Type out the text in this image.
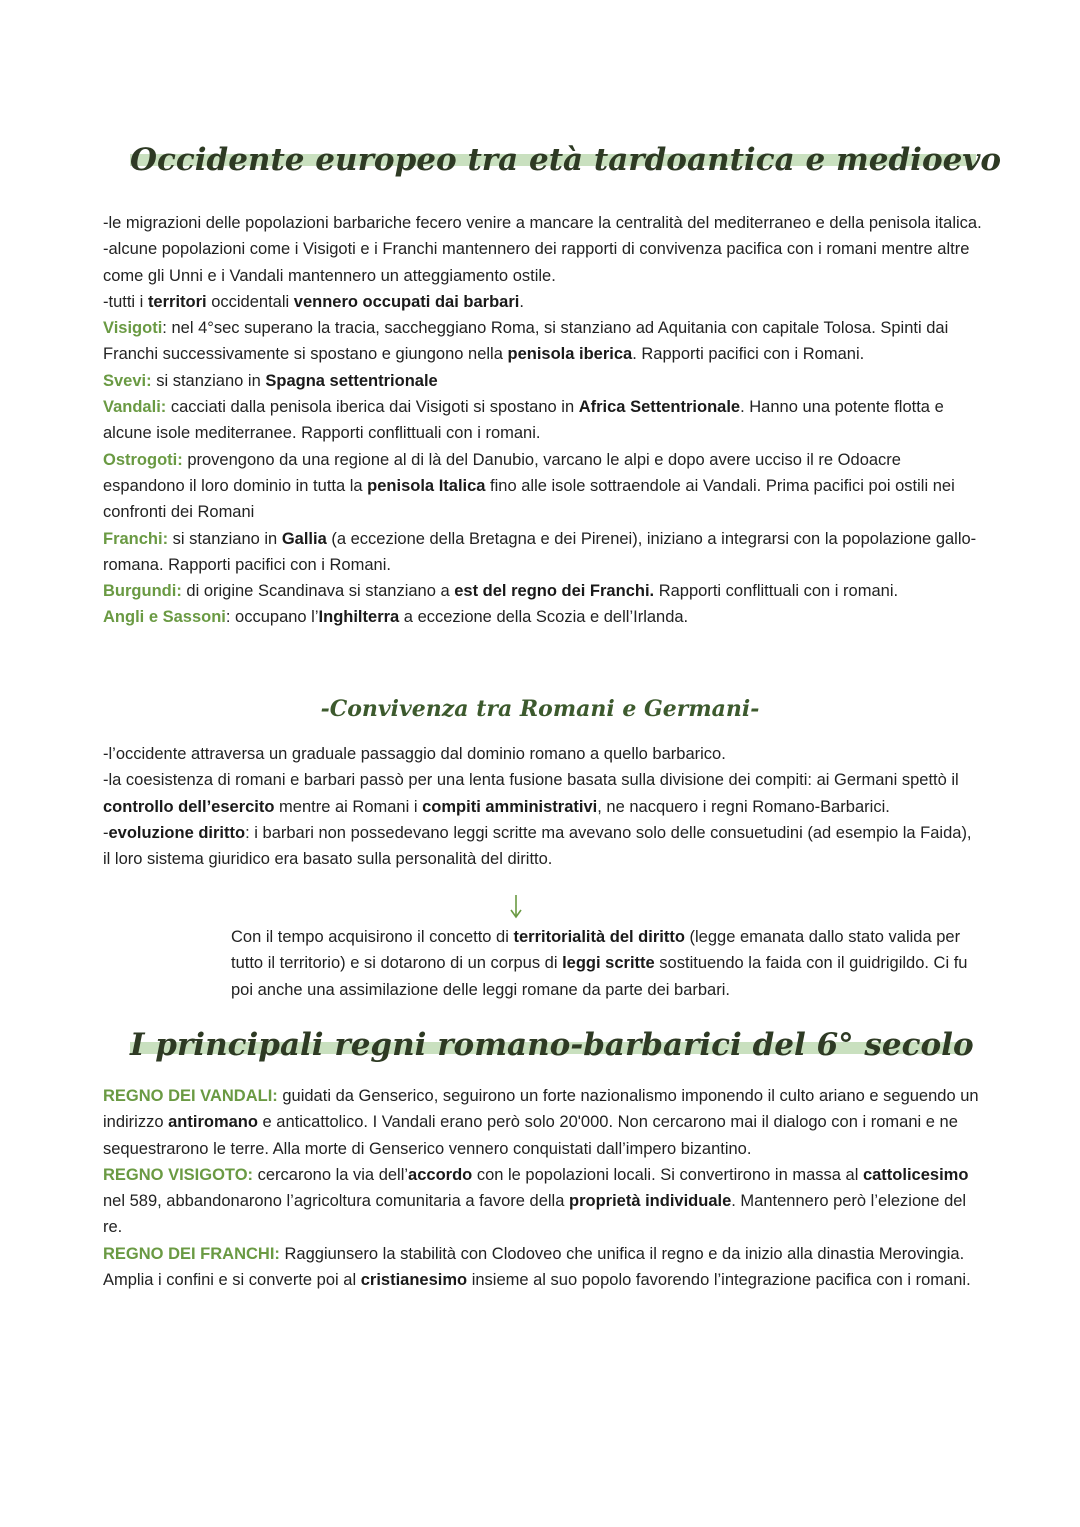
Occidente europeo tra età tardoantica e medioevo

-le migrazioni delle popolazioni barbariche fecero venire a mancare la centralità del mediterraneo e della penisola italica.

-alcune popolazioni come i Visigoti e i Franchi mantennero dei rapporti di convivenza pacifica con i romani mentre altre come gli Unni e i Vandali mantennero un atteggiamento ostile.

-tutti i territori occidentali vennero occupati dai barbari.

Visigoti: nel 4°sec superano la tracia, saccheggiano Roma, si stanziano ad Aquitania con capitale Tolosa. Spinti dai Franchi successivamente si spostano e giungono nella penisola iberica. Rapporti pacifici con i Romani.

Svevi: si stanziano in Spagna settentrionale

Vandali: cacciati dalla penisola iberica dai Visigoti si spostano in Africa Settentrionale. Hanno una potente flotta e alcune isole mediterranee. Rapporti conflittuali con i romani.

Ostrogoti: provengono da una regione al di là del Danubio, varcano le alpi e dopo avere ucciso il re Odoacre espandono il loro dominio in tutta la penisola Italica fino alle isole sottraendole ai Vandali. Prima pacifici poi ostili nei confronti dei Romani

Franchi: si stanziano in Gallia (a eccezione della Bretagna e dei Pirenei), iniziano a integrarsi con la popolazione gallo-romana. Rapporti pacifici con i Romani.

Burgundi: di origine Scandinava si stanziano a est del regno dei Franchi. Rapporti conflittuali con i romani.

Angli e Sassoni: occupano l’Inghilterra a eccezione della Scozia e dell’Irlanda.

-Convivenza tra Romani e Germani-

-l’occidente attraversa un graduale passaggio dal dominio romano a quello barbarico.

-la coesistenza di romani e barbari passò per una lenta fusione basata sulla divisione dei compiti: ai Germani spettò il controllo dell’esercito mentre ai Romani i compiti amministrativi, ne nacquero i regni Romano-Barbarici.

-evoluzione diritto: i barbari non possedevano leggi scritte ma avevano solo delle consuetudini (ad esempio la Faida), il loro sistema giuridico era basato sulla personalità del diritto.

Con il tempo acquisirono il concetto di territorialità del diritto (legge emanata dallo stato valida per tutto il territorio) e si dotarono di un corpus di leggi scritte sostituendo la faida con il guidrigildo. Ci fu poi anche una assimilazione delle leggi romane da parte dei barbari.

I principali regni romano-barbarici del 6° secolo

REGNO DEI VANDALI: guidati da Genserico, seguirono un forte nazionalismo imponendo il culto ariano e seguendo un indirizzo antiromano e anticattolico. I Vandali erano però solo 20'000. Non cercarono mai il dialogo con i romani e ne sequestrarono le terre. Alla morte di Genserico vennero conquistati dall’impero bizantino.

REGNO VISIGOTO: cercarono la via dell’accordo con le popolazioni locali. Si convertirono in massa al cattolicesimo nel 589, abbandonarono l’agricoltura comunitaria a favore della proprietà individuale. Mantennero però l’elezione del re.

REGNO DEI FRANCHI: Raggiunsero la stabilità con Clodoveo che unifica il regno e da inizio alla dinastia Merovingia. Amplia i confini e si converte poi al cristianesimo insieme al suo popolo favorendo l’integrazione pacifica con i romani.
